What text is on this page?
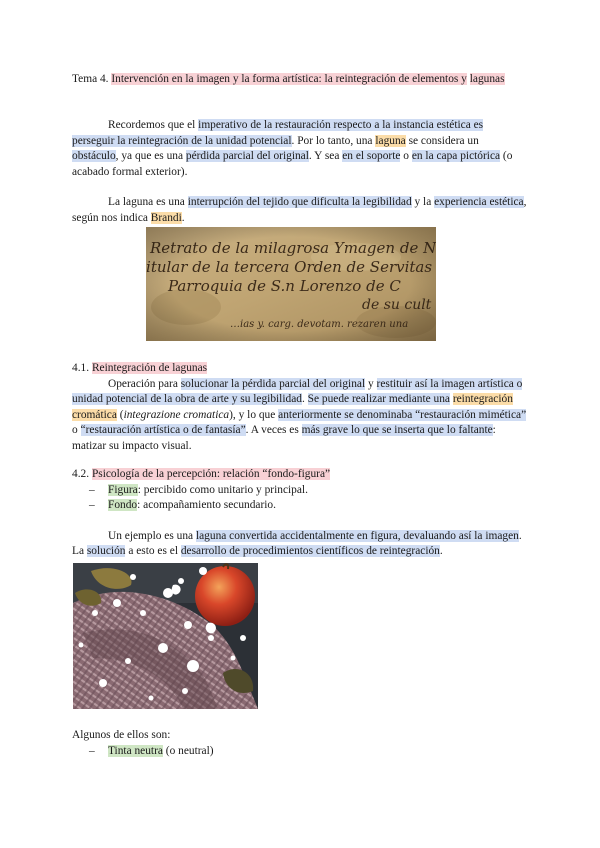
Tema 4. Intervención en la imagen y la forma artística: la reintegración de elementos y lagunas

Recordemos que el imperativo de la restauración respecto a la instancia estética es perseguir la reintegración de la unidad potencial. Por lo tanto, una laguna se considera un obstáculo, ya que es una pérdida parcial del original. Y sea en el soporte o en la capa pictórica (o acabado formal exterior).

La laguna es una interrupción del tejido que dificulta la legibilidad y la experiencia estética, según nos indica Brandi.

4.1. Reintegración de lagunas

Operación para solucionar la pérdida parcial del original y restituir así la imagen artística o unidad potencial de la obra de arte y su legibilidad. Se puede realizar mediante una reintegración cromática (integrazione cromatica), y lo que anteriormente se denominaba “restauración mimética” o “restauración artística o de fantasía”. A veces es más grave lo que se inserta que lo faltante: matizar su impacto visual.

4.2. Psicología de la percepción: relación “fondo-figura”

– Figura: percibido como unitario y principal.
– Fondo: acompañamiento secundario.

Un ejemplo es una laguna convertida accidentalmente en figura, devaluando así la imagen. La solución a esto es el desarrollo de procedimientos científicos de reintegración.

Algunos de ellos son:

– Tinta neutra (o neutral)
